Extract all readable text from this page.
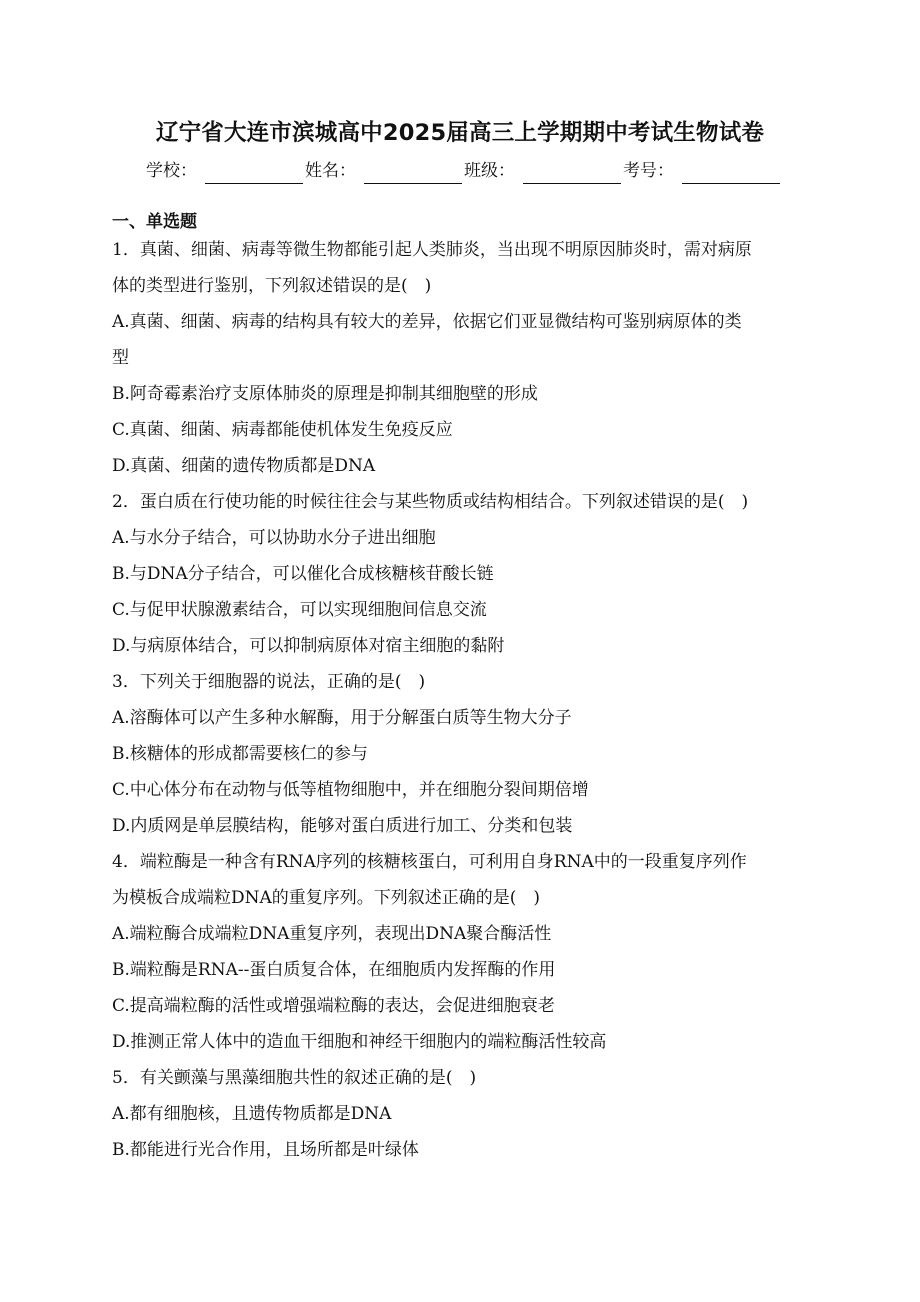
辽宁省大连市滨城高中2025届高三上学期期中考试生物试卷
学校：	姓名：	班级：	考号：
一、单选题
1．真菌、细菌、病毒等微生物都能引起人类肺炎，当出现不明原因肺炎时，需对病原
体的类型进行鉴别，下列叙述错误的是(　)
A.真菌、细菌、病毒的结构具有较大的差异，依据它们亚显微结构可鉴别病原体的类
型
B.阿奇霉素治疗支原体肺炎的原理是抑制其细胞壁的形成
C.真菌、细菌、病毒都能使机体发生免疫反应
D.真菌、细菌的遗传物质都是DNA
2．蛋白质在行使功能的时候往往会与某些物质或结构相结合。下列叙述错误的是(　)
A.与水分子结合，可以协助水分子进出细胞
B.与DNA分子结合，可以催化合成核糖核苷酸长链
C.与促甲状腺激素结合，可以实现细胞间信息交流
D.与病原体结合，可以抑制病原体对宿主细胞的黏附
3．下列关于细胞器的说法，正确的是(　)
A.溶酶体可以产生多种水解酶，用于分解蛋白质等生物大分子
B.核糖体的形成都需要核仁的参与
C.中心体分布在动物与低等植物细胞中，并在细胞分裂间期倍增
D.内质网是单层膜结构，能够对蛋白质进行加工、分类和包装
4．端粒酶是一种含有RNA序列的核糖核蛋白，可利用自身RNA中的一段重复序列作
为模板合成端粒DNA的重复序列。下列叙述正确的是(　)
A.端粒酶合成端粒DNA重复序列，表现出DNA聚合酶活性
B.端粒酶是RNA--蛋白质复合体，在细胞质内发挥酶的作用
C.提高端粒酶的活性或增强端粒酶的表达，会促进细胞衰老
D.推测正常人体中的造血干细胞和神经干细胞内的端粒酶活性较高
5．有关颤藻与黑藻细胞共性的叙述正确的是(　)
A.都有细胞核，且遗传物质都是DNA
B.都能进行光合作用，且场所都是叶绿体
